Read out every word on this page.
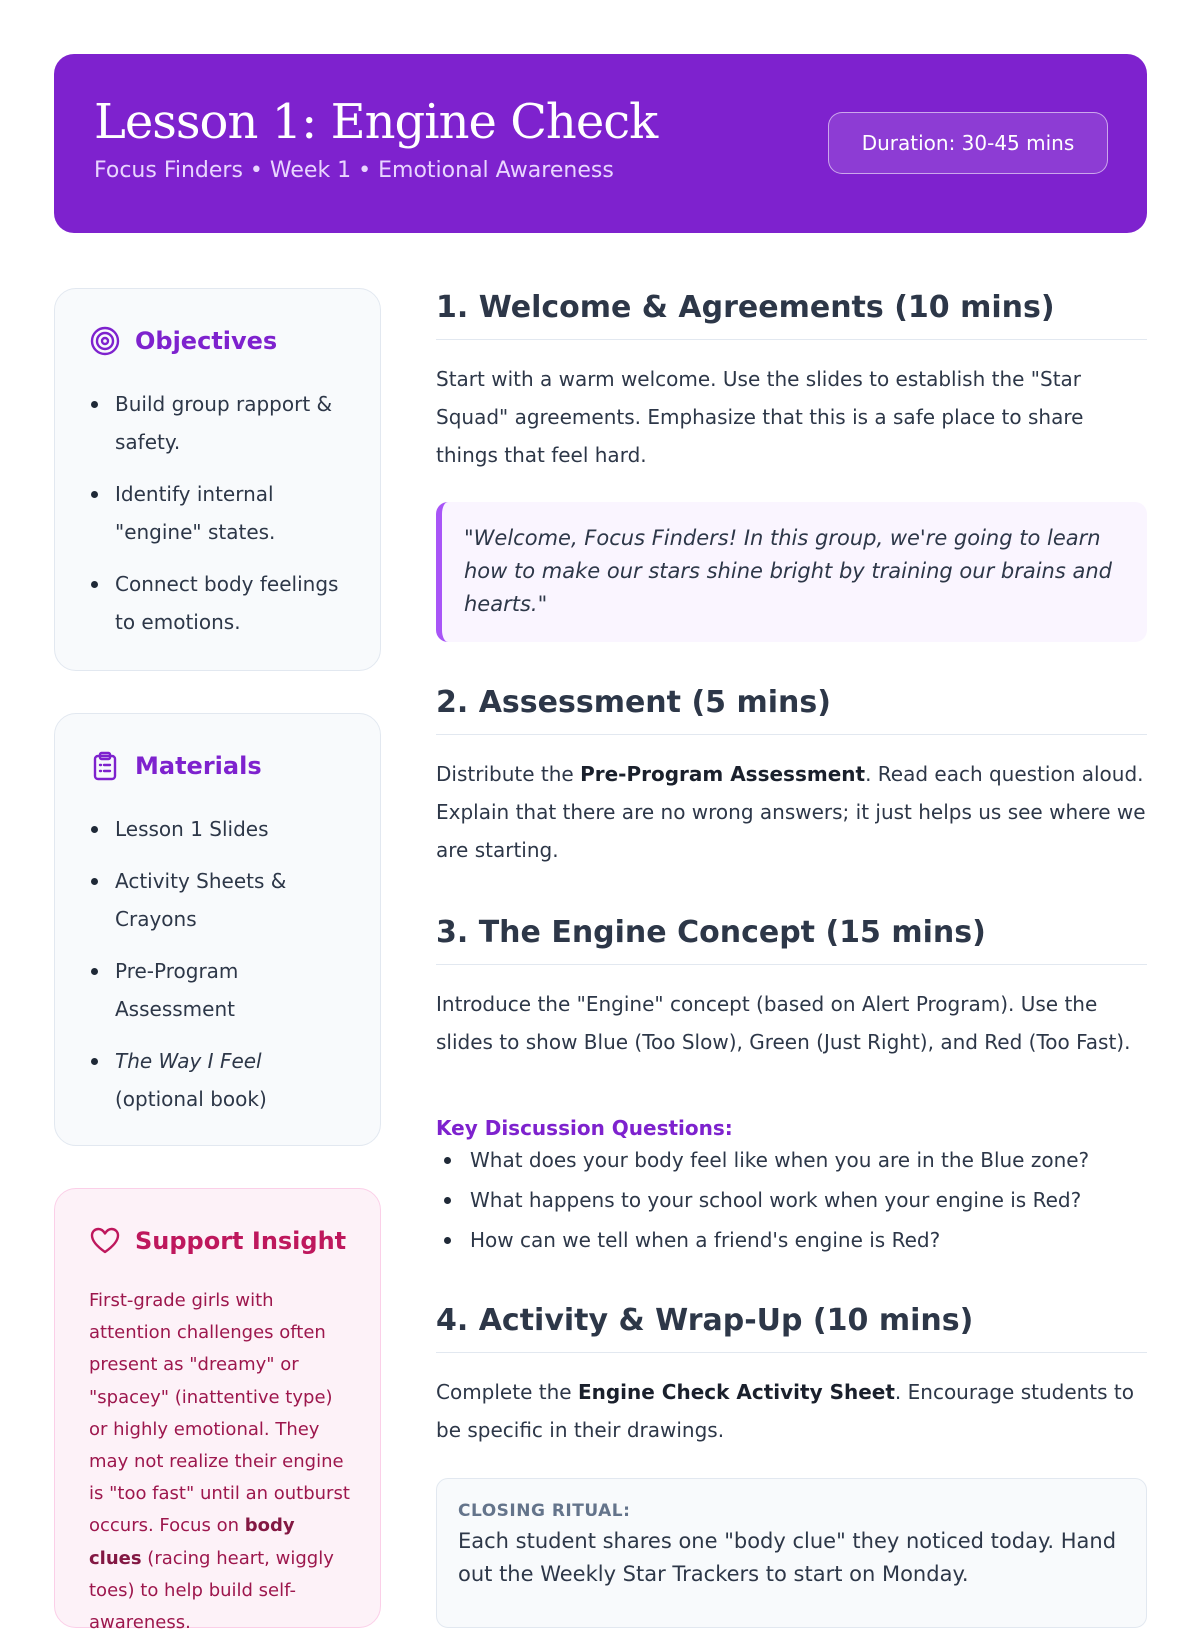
Lesson 1: Engine Check
Focus Finders • Week 1 • Emotional Awareness
Duration: 30-45 mins
Objectives
Build group rapport & safety.
Identify internal "engine" states.
Connect body feelings to emotions.
Materials
Lesson 1 Slides
Activity Sheets & Crayons
Pre-Program Assessment
The Way I Feel (optional book)
Support Insight
First-grade girls with attention challenges often present as "dreamy" or "spacey" (inattentive type) or highly emotional. They may not realize their engine is "too fast" until an outburst occurs. Focus on body clues (racing heart, wiggly toes) to help build self-awareness.
1. Welcome & Agreements (10 mins)
Start with a warm welcome. Use the slides to establish the "Star Squad" agreements. Emphasize that this is a safe place to share things that feel hard.
"Welcome, Focus Finders! In this group, we're going to learn how to make our stars shine bright by training our brains and hearts."
2. Assessment (5 mins)
Distribute the Pre-Program Assessment. Read each question aloud. Explain that there are no wrong answers; it just helps us see where we are starting.
3. The Engine Concept (15 mins)
Introduce the "Engine" concept (based on Alert Program). Use the slides to show Blue (Too Slow), Green (Just Right), and Red (Too Fast).
Key Discussion Questions:
What does your body feel like when you are in the Blue zone?
What happens to your school work when your engine is Red?
How can we tell when a friend's engine is Red?
4. Activity & Wrap-Up (10 mins)
Complete the Engine Check Activity Sheet. Encourage students to be specific in their drawings.
CLOSING RITUAL:
Each student shares one "body clue" they noticed today. Hand out the Weekly Star Trackers to start on Monday.
